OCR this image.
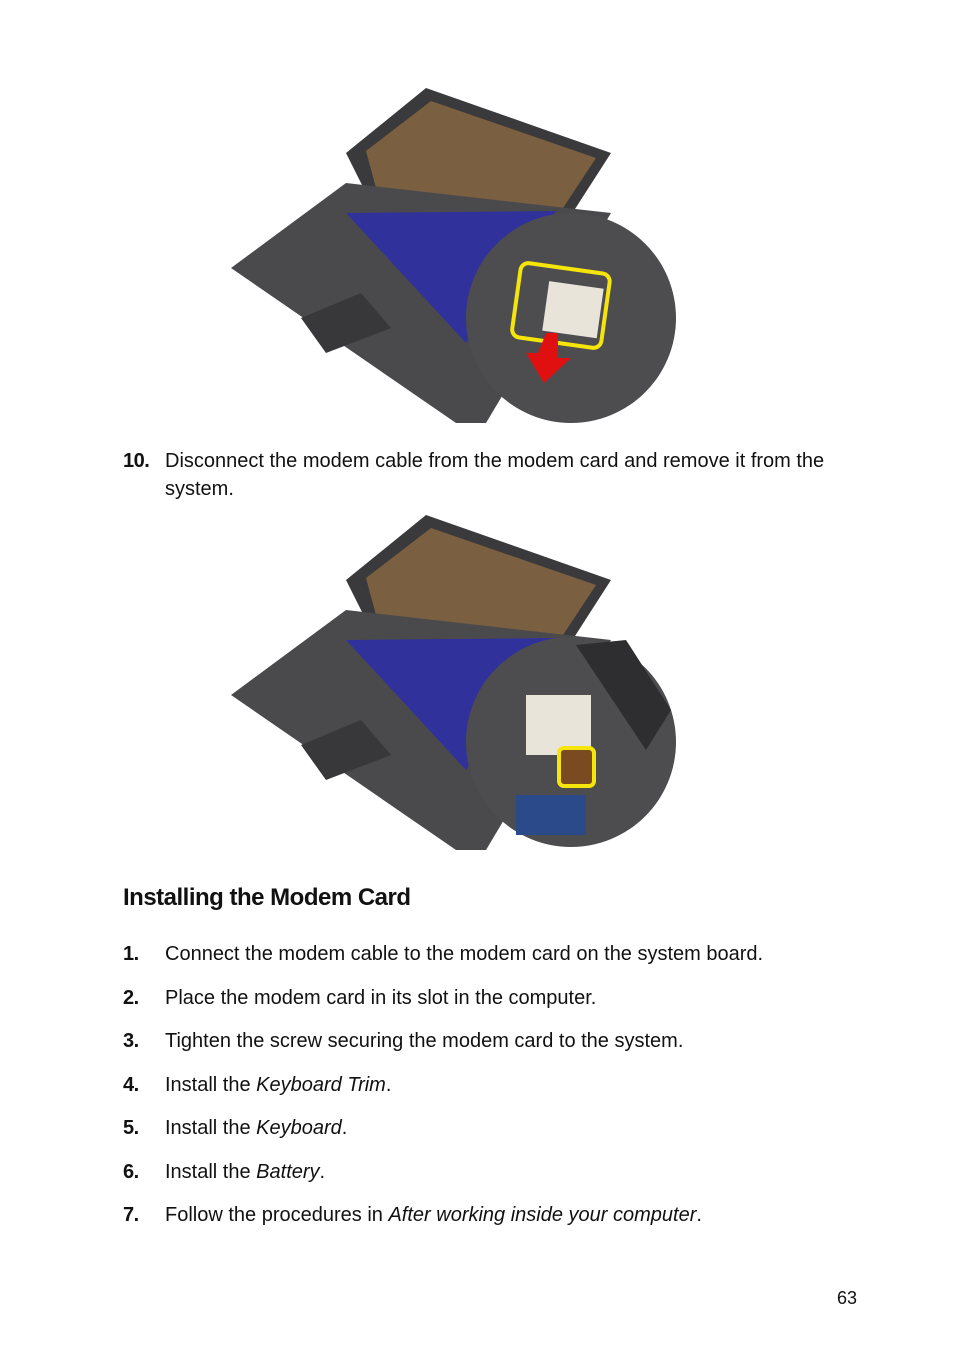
10. Disconnect the modem cable from the modem card and remove it from the system.
Installing the Modem Card
1. Connect the modem cable to the modem card on the system board.
2. Place the modem card in its slot in the computer.
3. Tighten the screw securing the modem card to the system.
4. Install the Keyboard Trim.
5. Install the Keyboard.
6. Install the Battery.
7. Follow the procedures in After working inside your computer.
63
